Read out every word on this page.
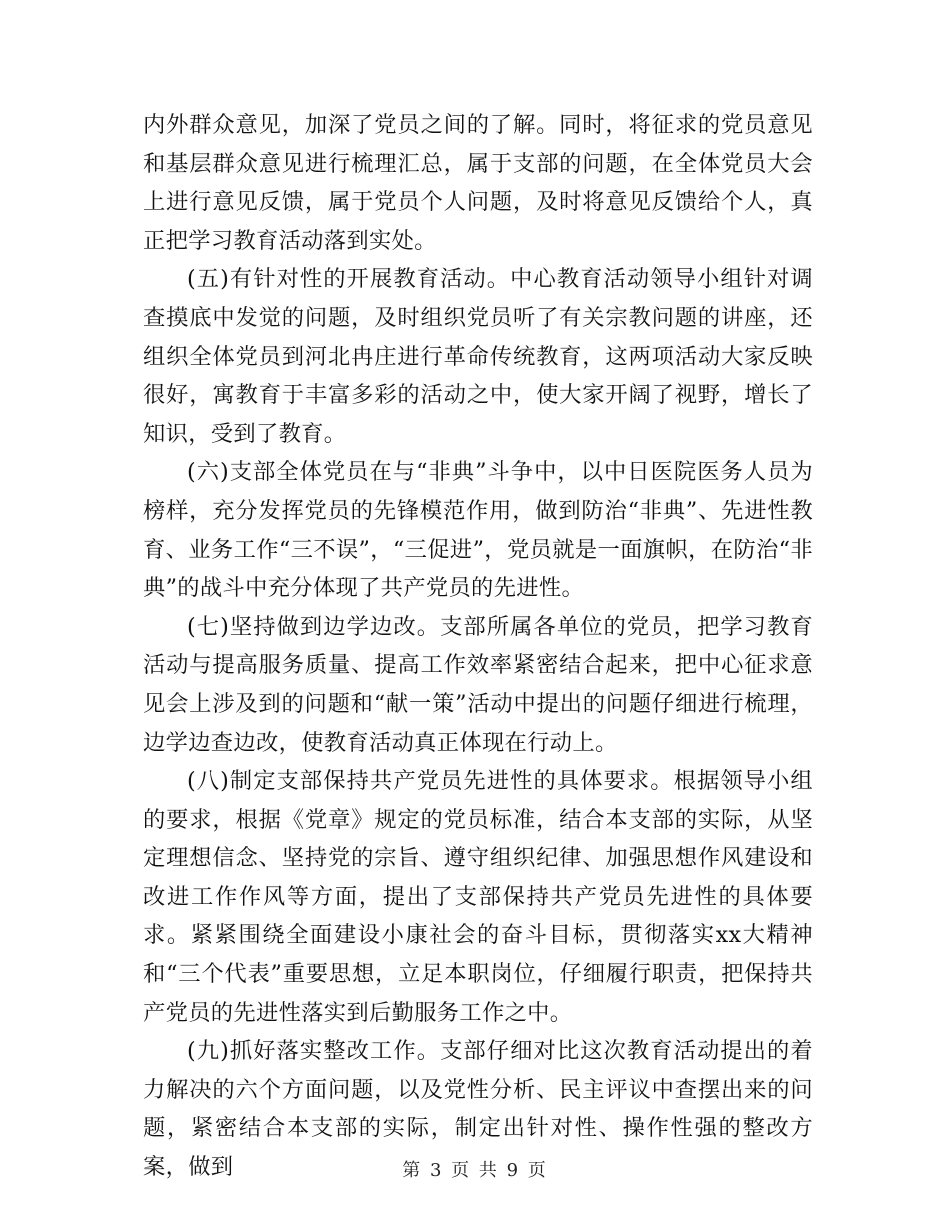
内外群众意见，加深了党员之间的了解。同时，将征求的党员意见和基层群众意见进行梳理汇总，属于支部的问题，在全体党员大会上进行意见反馈，属于党员个人问题，及时将意见反馈给个人，真正把学习教育活动落到实处。

(五)有针对性的开展教育活动。中心教育活动领导小组针对调查摸底中发觉的问题，及时组织党员听了有关宗教问题的讲座，还组织全体党员到河北冉庄进行革命传统教育，这两项活动大家反映很好，寓教育于丰富多彩的活动之中，使大家开阔了视野，增长了知识，受到了教育。

(六)支部全体党员在与“非典”斗争中，以中日医院医务人员为榜样，充分发挥党员的先锋模范作用，做到防治“非典”、先进性教育、业务工作“三不误”，“三促进”，党员就是一面旗帜，在防治“非典”的战斗中充分体现了共产党员的先进性。

(七)坚持做到边学边改。支部所属各单位的党员，把学习教育活动与提高服务质量、提高工作效率紧密结合起来，把中心征求意见会上涉及到的问题和“献一策”活动中提出的问题仔细进行梳理，边学边查边改，使教育活动真正体现在行动上。

(八)制定支部保持共产党员先进性的具体要求。根据领导小组的要求，根据《党章》规定的党员标准，结合本支部的实际，从坚定理想信念、坚持党的宗旨、遵守组织纪律、加强思想作风建设和改进工作作风等方面，提出了支部保持共产党员先进性的具体要求。紧紧围绕全面建设小康社会的奋斗目标，贯彻落实xx大精神和“三个代表”重要思想，立足本职岗位，仔细履行职责，把保持共产党员的先进性落实到后勤服务工作之中。

(九)抓好落实整改工作。支部仔细对比这次教育活动提出的着力解决的六个方面问题，以及党性分析、民主评议中查摆出来的问题，紧密结合本支部的实际，制定出针对性、操作性强的整改方案，做到	第 3 页 共 9 页
